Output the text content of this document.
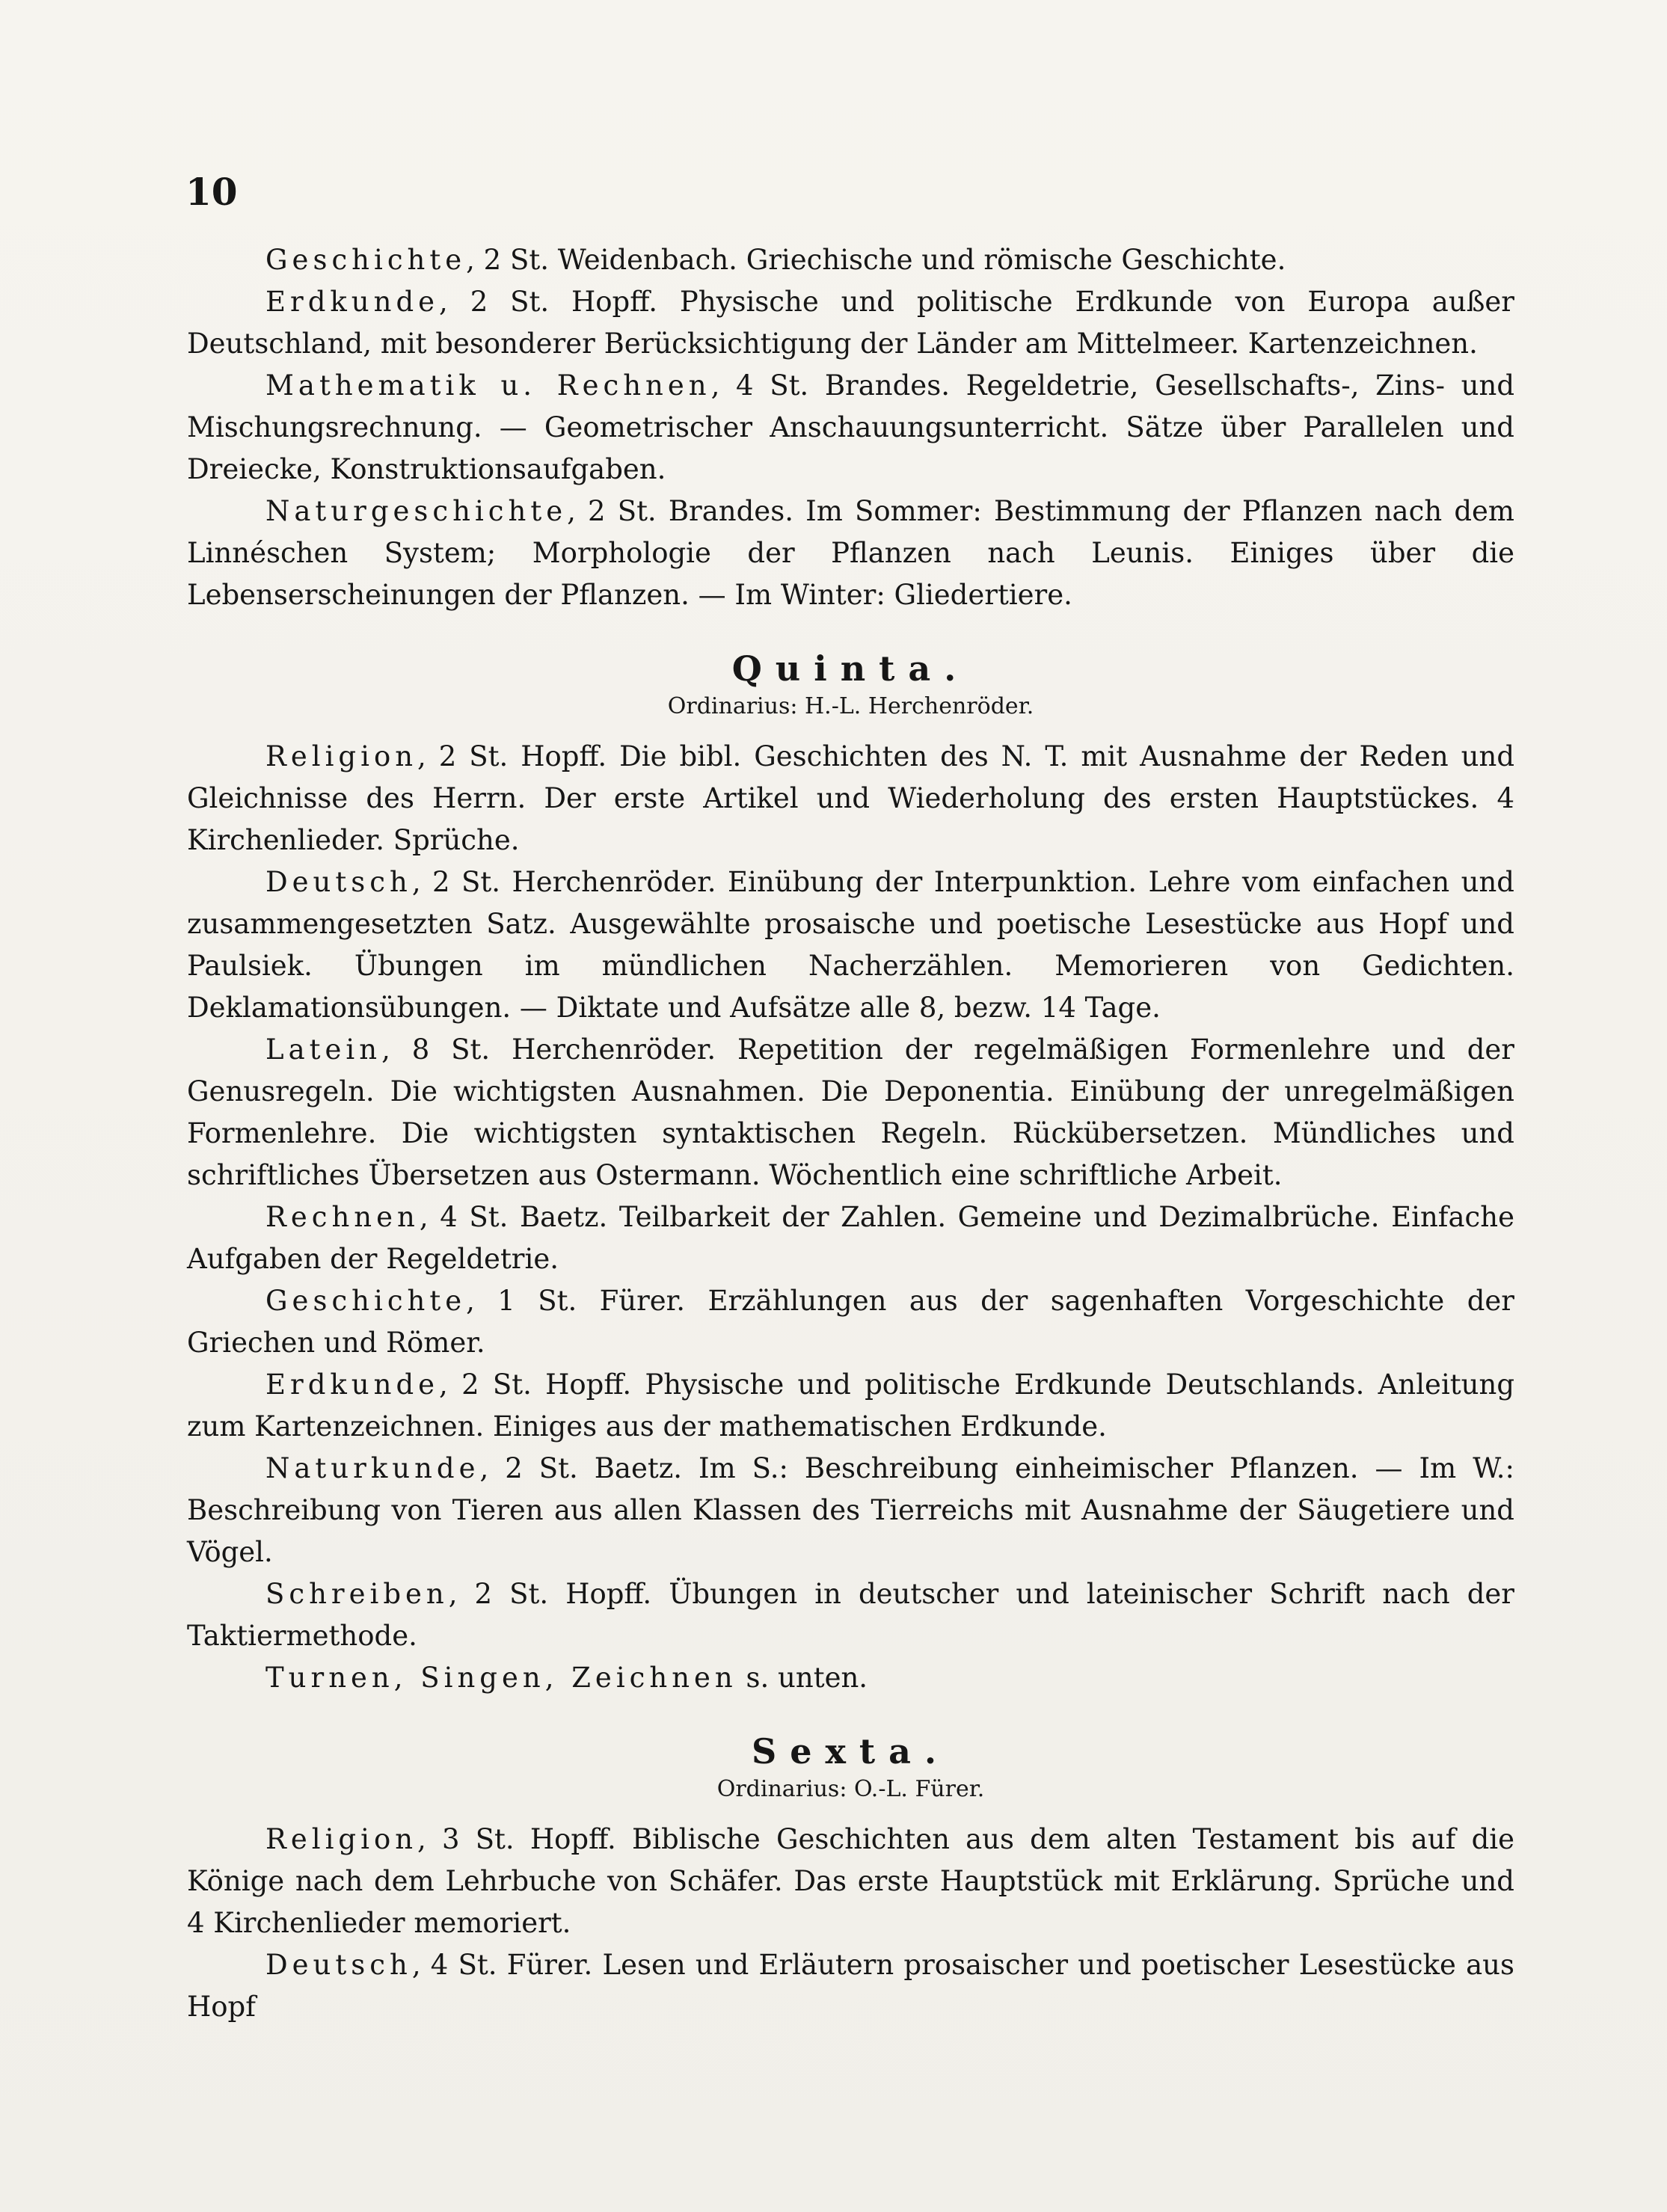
10

Geschichte, 2 St. Weidenbach. Griechische und römische Geschichte.

Erdkunde, 2 St. Hopff. Physische und politische Erdkunde von Europa außer Deutschland, mit besonderer Berücksichtigung der Länder am Mittelmeer. Kartenzeichnen.

Mathematik u. Rechnen, 4 St. Brandes. Regeldetrie, Gesellschafts-, Zins- und Mischungsrechnung. — Geometrischer Anschauungsunterricht. Sätze über Parallelen und Dreiecke, Konstruktionsaufgaben.

Naturgeschichte, 2 St. Brandes. Im Sommer: Bestimmung der Pflanzen nach dem Linnéschen System; Morphologie der Pflanzen nach Leunis. Einiges über die Lebenserscheinungen der Pflanzen. — Im Winter: Gliedertiere.

Quinta.
Ordinarius: H.-L. Herchenröder.

Religion, 2 St. Hopff. Die bibl. Geschichten des N. T. mit Ausnahme der Reden und Gleichnisse des Herrn. Der erste Artikel und Wiederholung des ersten Hauptstückes. 4 Kirchenlieder. Sprüche.

Deutsch, 2 St. Herchenröder. Einübung der Interpunktion. Lehre vom einfachen und zusammengesetzten Satz. Ausgewählte prosaische und poetische Lesestücke aus Hopf und Paulsiek. Übungen im mündlichen Nacherzählen. Memorieren von Gedichten. Deklamationsübungen. — Diktate und Aufsätze alle 8, bezw. 14 Tage.

Latein, 8 St. Herchenröder. Repetition der regelmäßigen Formenlehre und der Genusregeln. Die wichtigsten Ausnahmen. Die Deponentia. Einübung der unregelmäßigen Formenlehre. Die wichtigsten syntaktischen Regeln. Rückübersetzen. Mündliches und schriftliches Übersetzen aus Ostermann. Wöchentlich eine schriftliche Arbeit.

Rechnen, 4 St. Baetz. Teilbarkeit der Zahlen. Gemeine und Dezimalbrüche. Einfache Aufgaben der Regeldetrie.

Geschichte, 1 St. Fürer. Erzählungen aus der sagenhaften Vorgeschichte der Griechen und Römer.

Erdkunde, 2 St. Hopff. Physische und politische Erdkunde Deutschlands. Anleitung zum Kartenzeichnen. Einiges aus der mathematischen Erdkunde.

Naturkunde, 2 St. Baetz. Im S.: Beschreibung einheimischer Pflanzen. — Im W.: Beschreibung von Tieren aus allen Klassen des Tierreichs mit Ausnahme der Säugetiere und Vögel.

Schreiben, 2 St. Hopff. Übungen in deutscher und lateinischer Schrift nach der Taktiermethode.

Turnen, Singen, Zeichnen s. unten.

Sexta.
Ordinarius: O.-L. Fürer.

Religion, 3 St. Hopff. Biblische Geschichten aus dem alten Testament bis auf die Könige nach dem Lehrbuche von Schäfer. Das erste Hauptstück mit Erklärung. Sprüche und 4 Kirchenlieder memoriert.

Deutsch, 4 St. Fürer. Lesen und Erläutern prosaischer und poetischer Lesestücke aus Hopf
